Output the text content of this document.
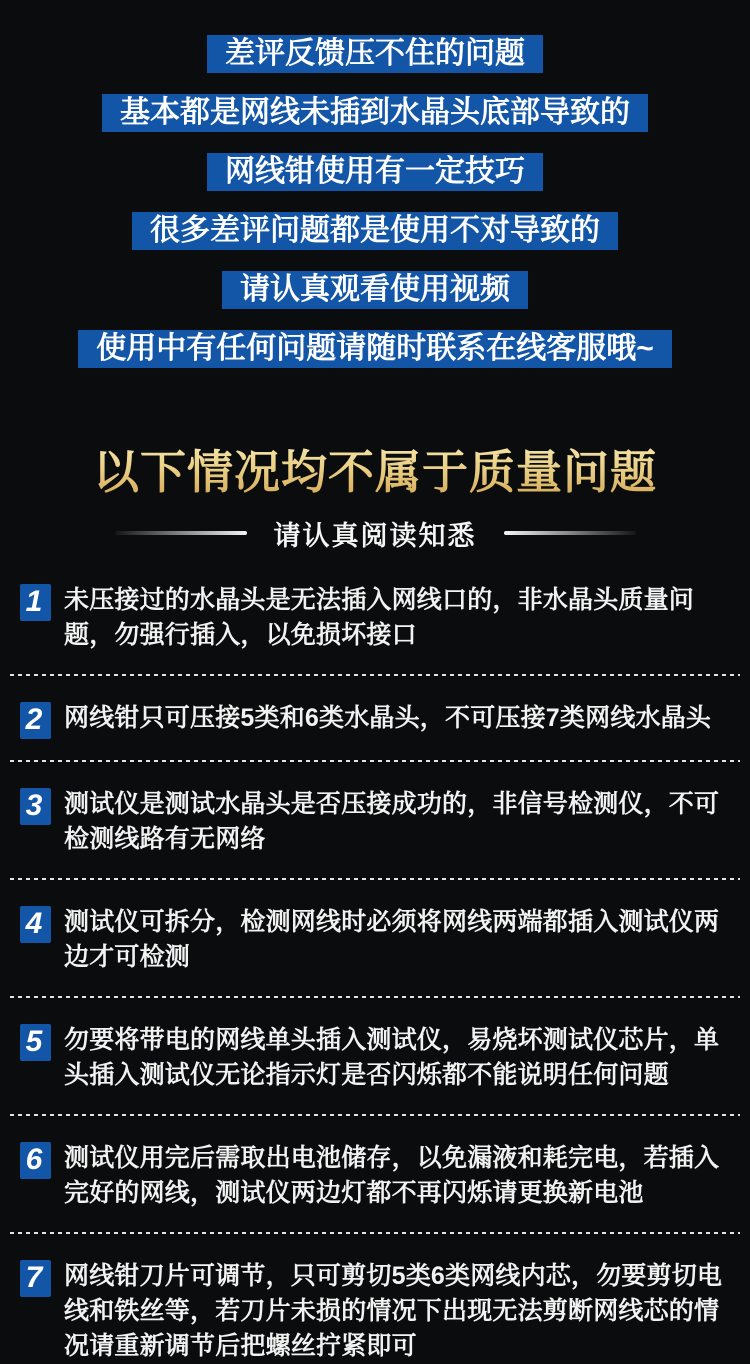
差评反馈压不住的问题
基本都是网线未插到水晶头底部导致的
网线钳使用有一定技巧
很多差评问题都是使用不对导致的
请认真观看使用视频
使用中有任何问题请随时联系在线客服哦~
以下情况均不属于质量问题
请认真阅读知悉
1 未压接过的水晶头是无法插入网线口的，非水晶头质量问题，勿强行插入，以免损坏接口
2 网线钳只可压接5类和6类水晶头，不可压接7类网线水晶头
3 测试仪是测试水晶头是否压接成功的，非信号检测仪，不可检测线路有无网络
4 测试仪可拆分，检测网线时必须将网线两端都插入测试仪两边才可检测
5 勿要将带电的网线单头插入测试仪，易烧坏测试仪芯片，单头插入测试仪无论指示灯是否闪烁都不能说明任何问题
6 测试仪用完后需取出电池储存，以免漏液和耗完电，若插入完好的网线，测试仪两边灯都不再闪烁请更换新电池
7 网线钳刀片可调节，只可剪切5类6类网线内芯，勿要剪切电线和铁丝等，若刀片未损的情况下出现无法剪断网线芯的情况请重新调节后把螺丝拧紧即可
